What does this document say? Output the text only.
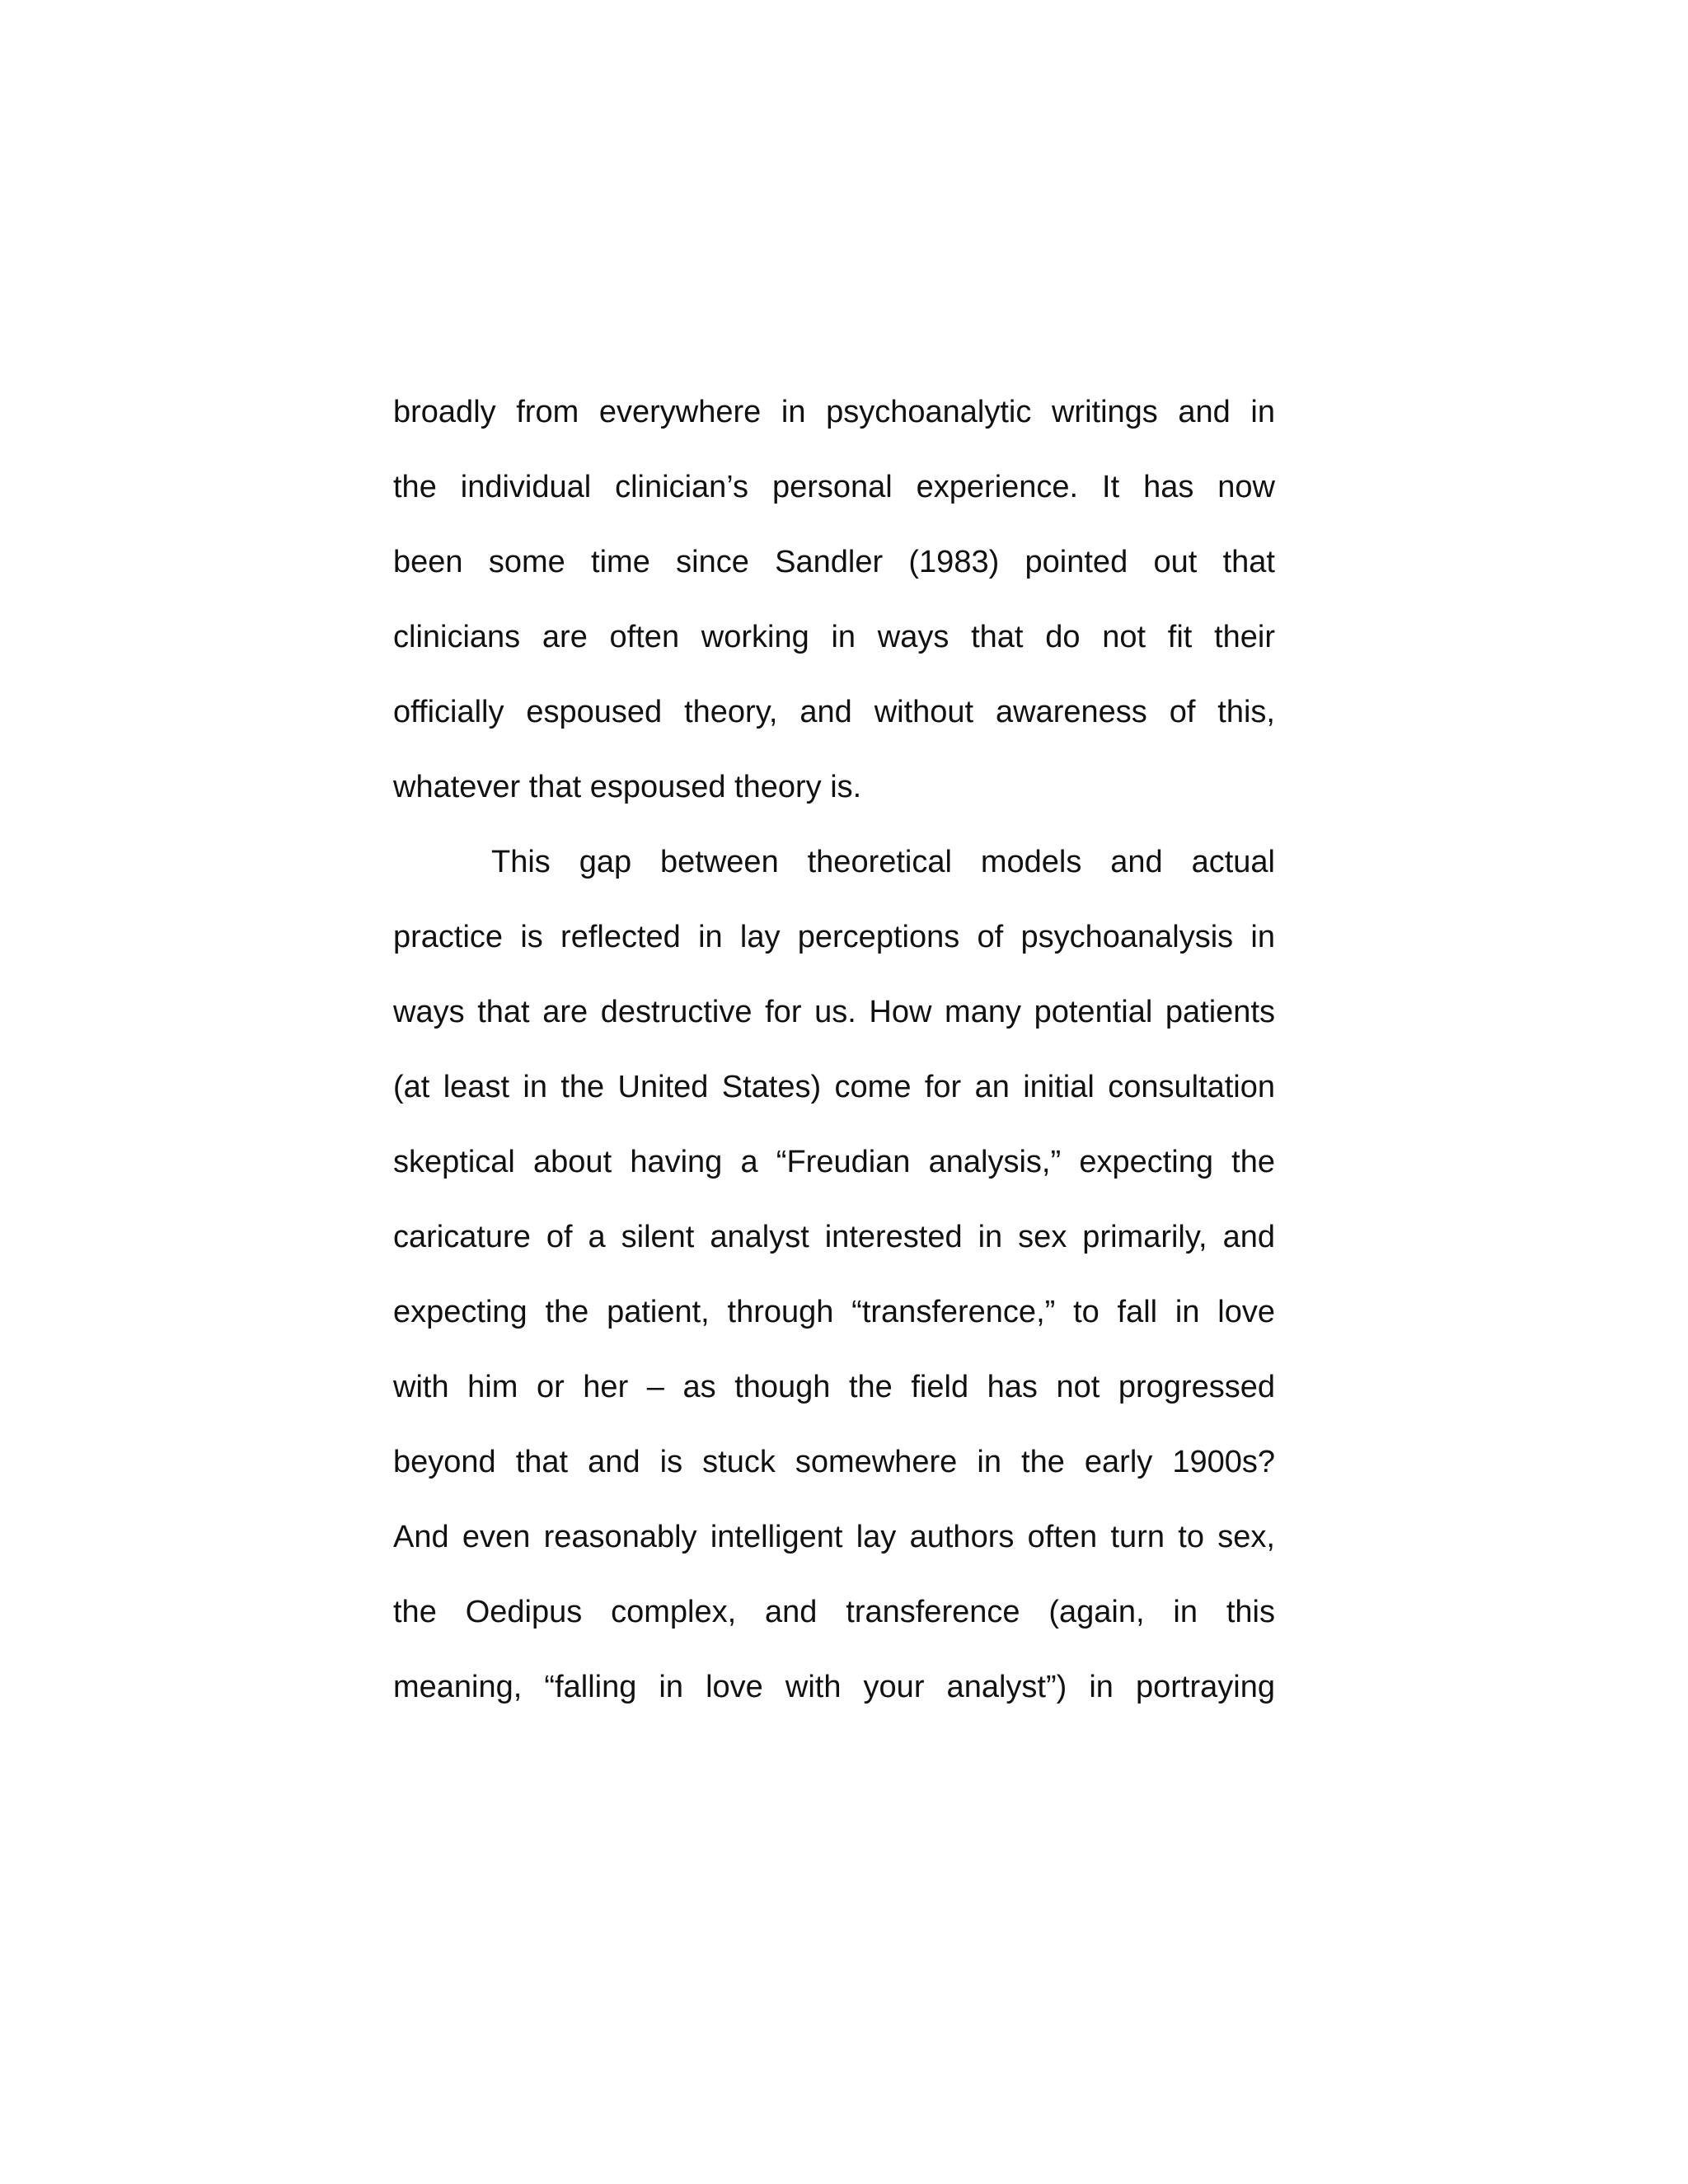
broadly from everywhere in psychoanalytic writings and in
the individual clinician’s personal experience. It has now
been some time since Sandler (1983) pointed out that
clinicians are often working in ways that do not fit their
officially espoused theory, and without awareness of this,
whatever that espoused theory is.
This gap between theoretical models and actual
practice is reflected in lay perceptions of psychoanalysis in
ways that are destructive for us. How many potential patients
(at least in the United States) come for an initial consultation
skeptical about having a “Freudian analysis,” expecting the
caricature of a silent analyst interested in sex primarily, and
expecting the patient, through “transference,” to fall in love
with him or her – as though the field has not progressed
beyond that and is stuck somewhere in the early 1900s?
And even reasonably intelligent lay authors often turn to sex,
the Oedipus complex, and transference (again, in this
meaning, “falling in love with your analyst”) in portraying
